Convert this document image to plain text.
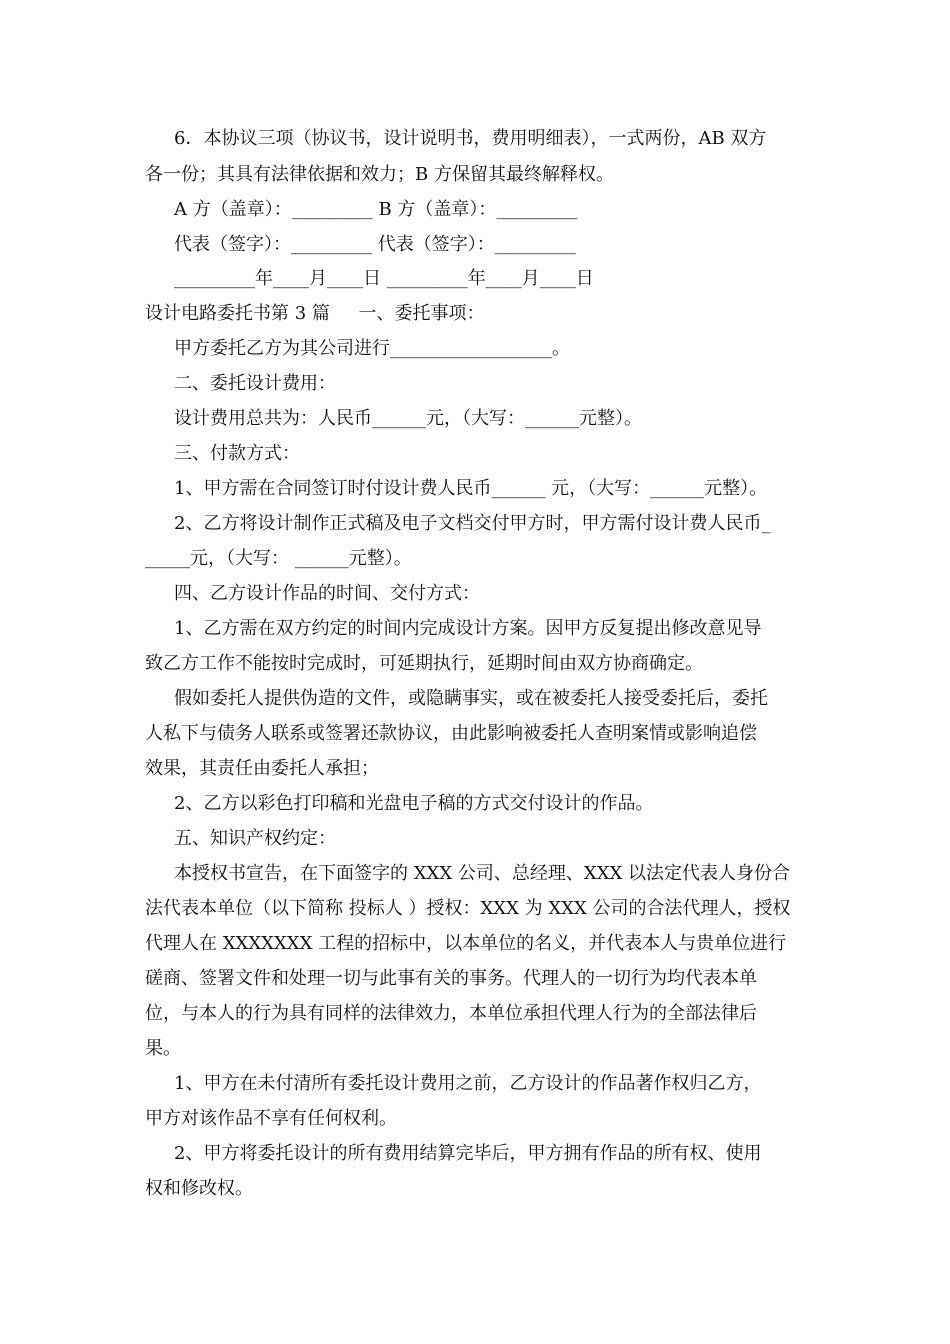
6．本协议三项（协议书，设计说明书，费用明细表），一式两份，AB 双方
各一份；其具有法律依据和效力；B 方保留其最终解释权。
A 方（盖章）：_________ B 方（盖章）：_________
代表（签字）：_________ 代表（签字）：_________
_________年____月____日 _________年____月____日
设计电路委托书第 3 篇     一、委托事项：
甲方委托乙方为其公司进行__________________。
二、委托设计费用：
设计费用总共为：人民币______元，（大写：______元整）。
三、付款方式：
1、甲方需在合同签订时付设计费人民币______ 元，（大写：______元整）。
2、乙方将设计制作正式稿及电子文档交付甲方时，甲方需付设计费人民币_
_____元，（大写： ______元整）。
四、乙方设计作品的时间、交付方式：
1、乙方需在双方约定的时间内完成设计方案。因甲方反复提出修改意见导
致乙方工作不能按时完成时，可延期执行，延期时间由双方协商确定。
假如委托人提供伪造的文件，或隐瞒事实，或在被委托人接受委托后，委托
人私下与债务人联系或签署还款协议，由此影响被委托人查明案情或影响追偿
效果，其责任由委托人承担；
2、乙方以彩色打印稿和光盘电子稿的方式交付设计的作品。
五、知识产权约定：
本授权书宣告，在下面签字的 XXX 公司、总经理、XXX 以法定代表人身份合
法代表本单位（以下简称 投标人 ）授权：XXX 为 XXX 公司的合法代理人，授权
代理人在 XXXXXXX 工程的招标中，以本单位的名义，并代表本人与贵单位进行
磋商、签署文件和处理一切与此事有关的事务。代理人的一切行为均代表本单
位，与本人的行为具有同样的法律效力，本单位承担代理人行为的全部法律后
果。
1、甲方在未付清所有委托设计费用之前，乙方设计的作品著作权归乙方，
甲方对该作品不享有任何权利。
2、甲方将委托设计的所有费用结算完毕后，甲方拥有作品的所有权、使用
权和修改权。
